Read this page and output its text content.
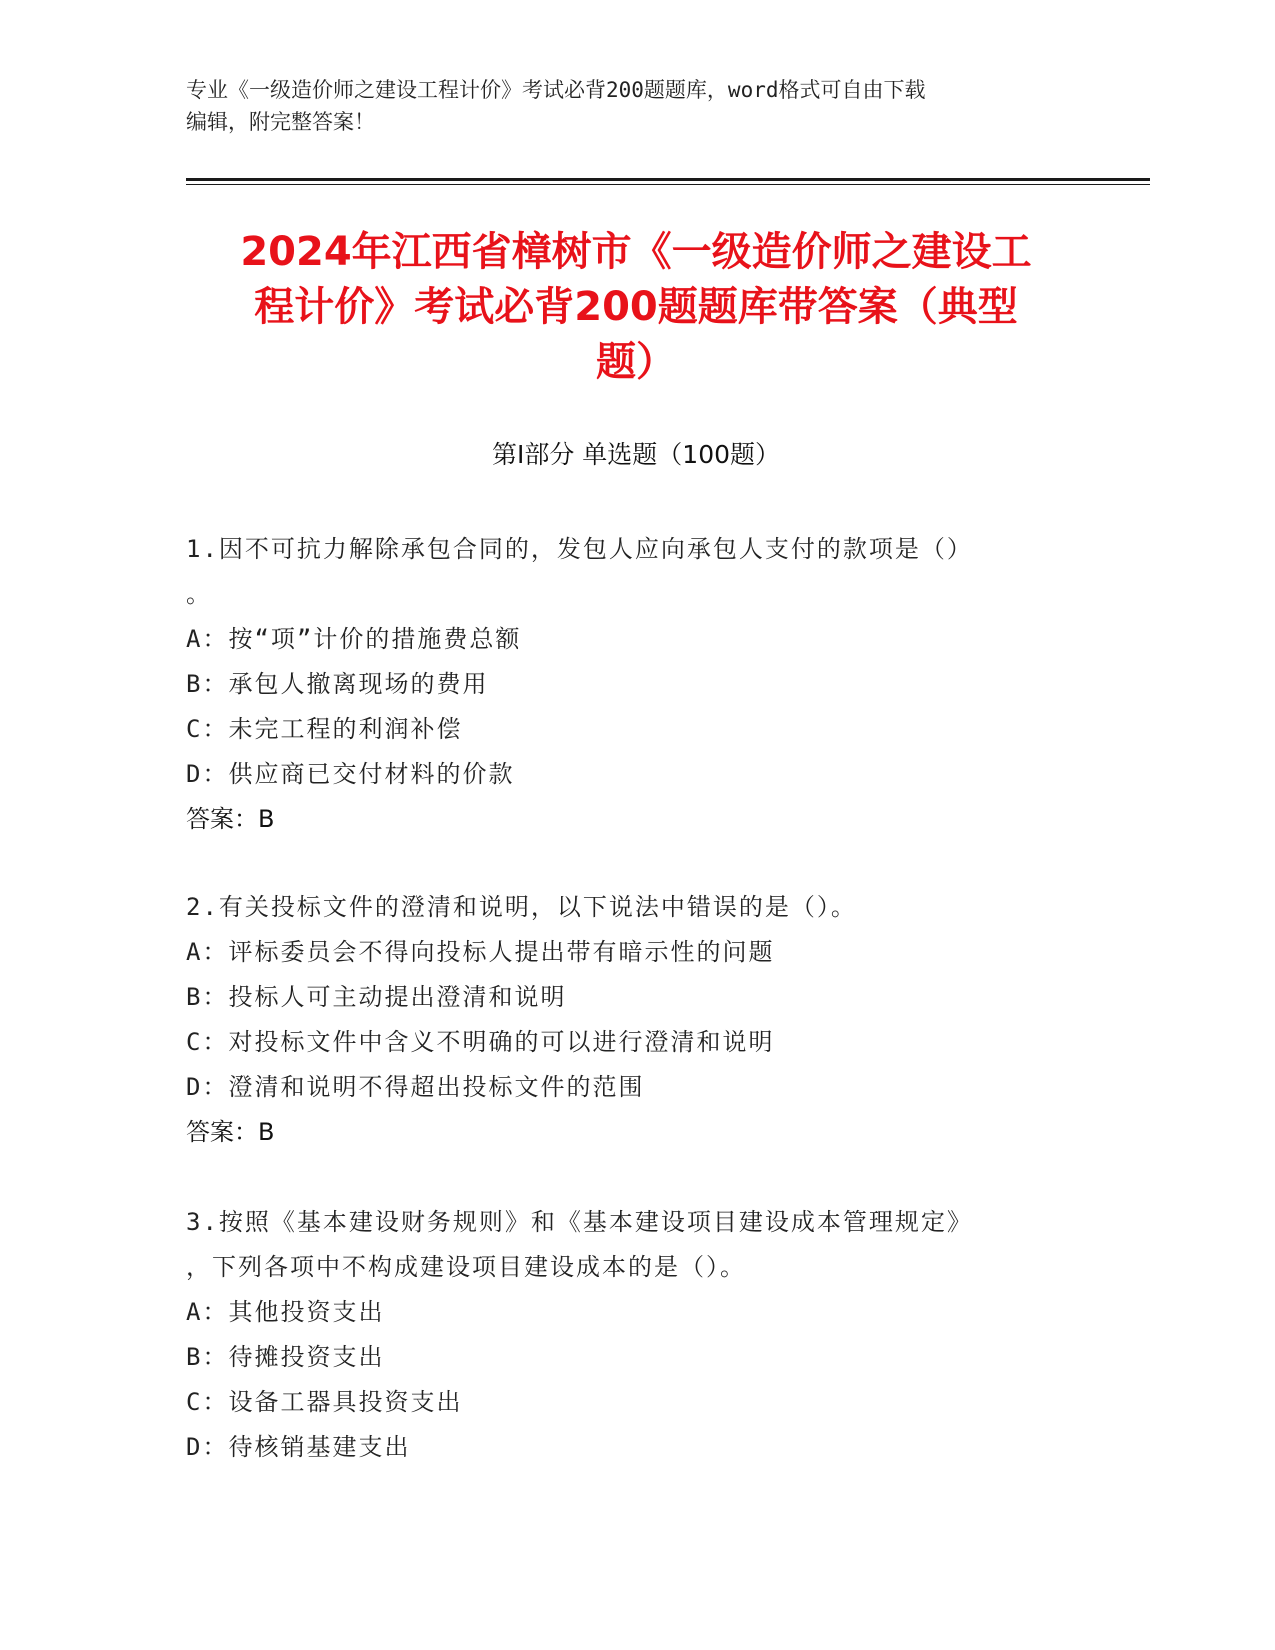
专业《一级造价师之建设工程计价》考试必背200题题库，word格式可自由下载
编辑，附完整答案！
2024年江西省樟树市《一级造价师之建设工
程计价》考试必背200题题库带答案（典型
题）
第Ⅰ部分 单选题（100题）
1.因不可抗力解除承包合同的，发包人应向承包人支付的款项是（）
。
A：按“项”计价的措施费总额
B：承包人撤离现场的费用
C：未完工程的利润补偿
D：供应商已交付材料的价款
答案：B
2.有关投标文件的澄清和说明，以下说法中错误的是（）。
A：评标委员会不得向投标人提出带有暗示性的问题
B：投标人可主动提出澄清和说明
C：对投标文件中含义不明确的可以进行澄清和说明
D：澄清和说明不得超出投标文件的范围
答案：B
3.按照《基本建设财务规则》和《基本建设项目建设成本管理规定》
，下列各项中不构成建设项目建设成本的是（）。
A：其他投资支出
B：待摊投资支出
C：设备工器具投资支出
D：待核销基建支出
